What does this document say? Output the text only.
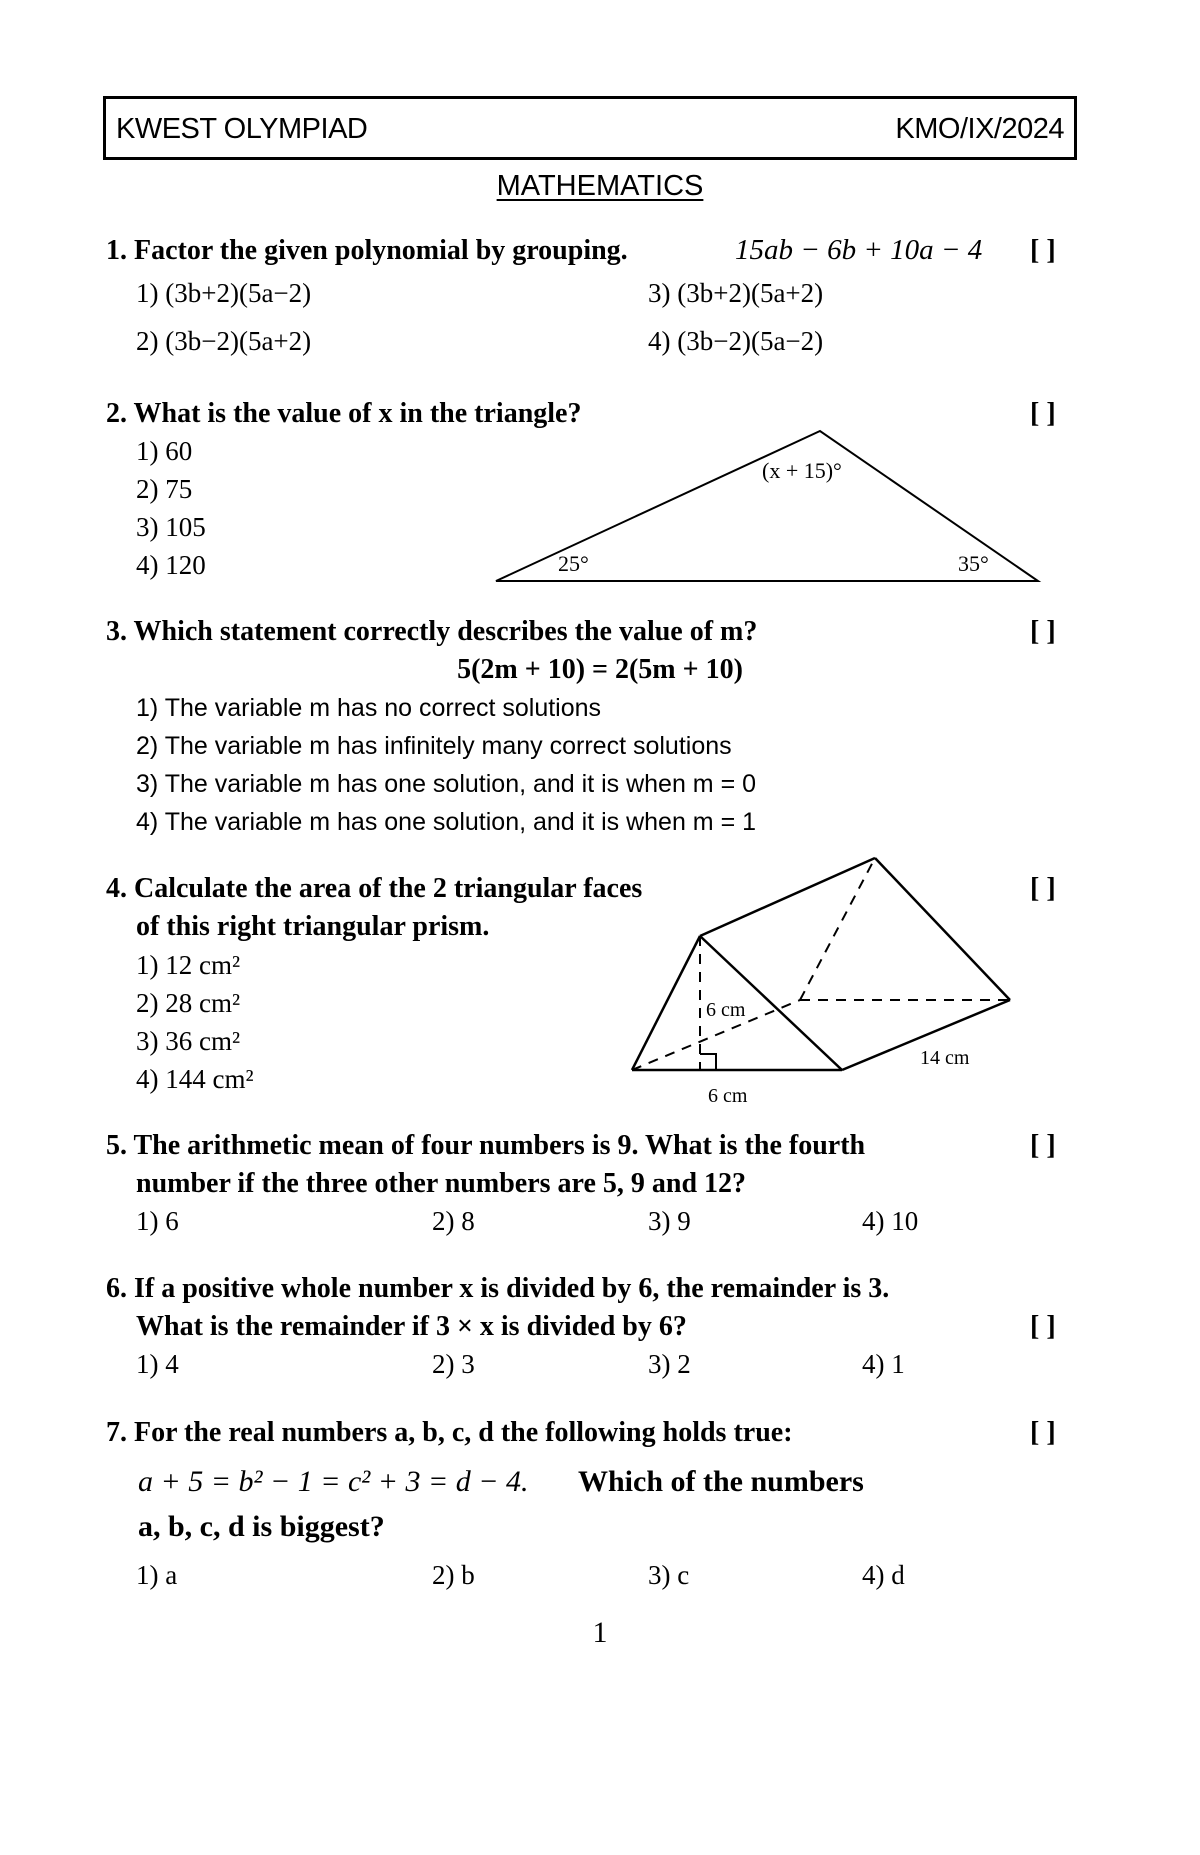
KWEST OLYMPIAD	KMO/IX/2024
MATHEMATICS
1. Factor the given polynomial by grouping.	15ab − 6b + 10a − 4 [ ]
1) (3b+2)(5a−2)	3) (3b+2)(5a+2)
2) (3b−2)(5a+2)	4) (3b−2)(5a−2)
2. What is the value of x in the triangle?	[ ]
1) 60
2) 75
3) 105
4) 120
(x + 15)°
25°	35°
3. Which statement correctly describes the value of m?	[ ]
5(2m + 10) = 2(5m + 10)
1) The variable m has no correct solutions
2) The variable m has infinitely many correct solutions
3) The variable m has one solution, and it is when m = 0
4) The variable m has one solution, and it is when m = 1
4. Calculate the area of the 2 triangular faces	[ ]
of this right triangular prism.
1) 12 cm²
2) 28 cm²
3) 36 cm²
4) 144 cm²
6 cm
6 cm
14 cm
5. The arithmetic mean of four numbers is 9. What is the fourth	[ ]
number if the three other numbers are 5, 9 and 12?
1) 6	2) 8	3) 9	4) 10
6. If a positive whole number x is divided by 6, the remainder is 3.
What is the remainder if 3 × x is divided by 6?	[ ]
1) 4	2) 3	3) 2	4) 1
7. For the real numbers a, b, c, d the following holds true:	[ ]
a + 5 = b² − 1 = c² + 3 = d − 4. Which of the numbers
a, b, c, d is biggest?
1) a	2) b	3) c	4) d
1
